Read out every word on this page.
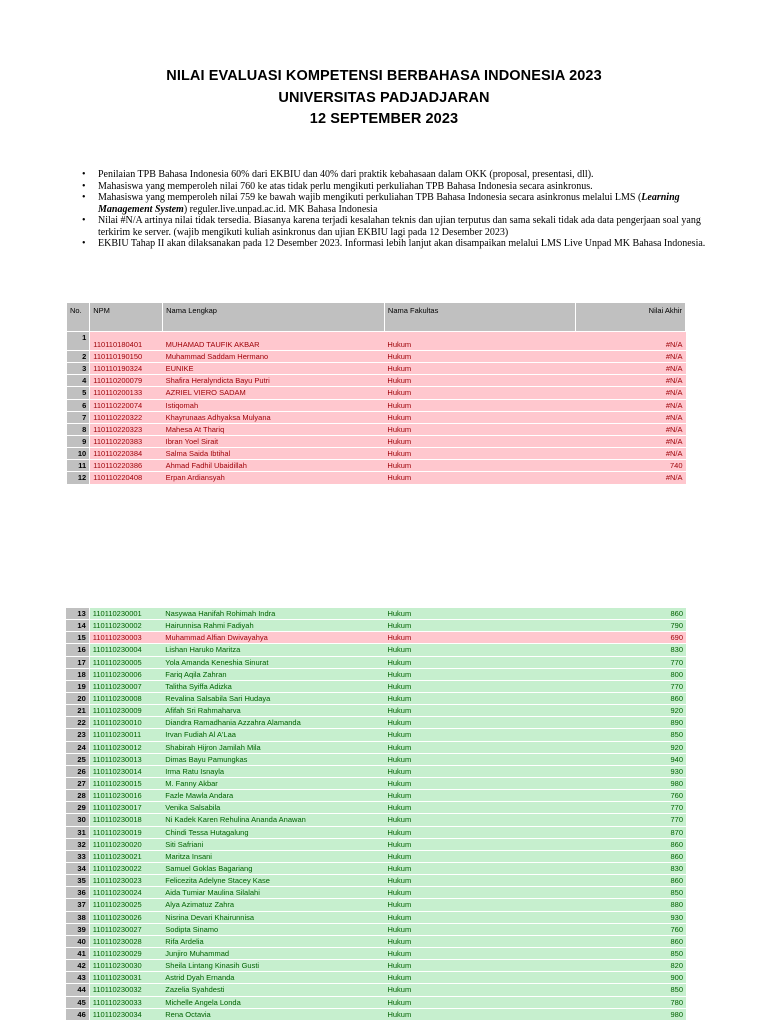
NILAI EVALUASI KOMPETENSI BERBAHASA INDONESIA 2023
UNIVERSITAS PADJADJARAN
12 SEPTEMBER 2023
• Penilaian TPB Bahasa Indonesia 60% dari EKBIU dan 40% dari praktik kebahasaan dalam OKK (proposal, presentasi, dll).
• Mahasiswa yang memperoleh nilai 760 ke atas tidak perlu mengikuti perkuliahan TPB Bahasa Indonesia secara asinkronus.
• Mahasiswa yang memperoleh nilai 759 ke bawah wajib mengikuti perkuliahan TPB Bahasa Indonesia secara asinkronus melalui LMS (Learning Management System) reguler.live.unpad.ac.id. MK Bahasa Indonesia
• Nilai #N/A artinya nilai tidak tersedia. Biasanya karena terjadi kesalahan teknis dan ujian terputus dan sama sekali tidak ada data pengerjaan soal yang terkirim ke server. (wajib mengikuti kuliah asinkronus dan ujian EKBIU lagi pada 12 Desember 2023)
• EKBIU Tahap II akan dilaksanakan pada 12 Desember 2023. Informasi lebih lanjut akan disampaikan melalui LMS Live Unpad MK Bahasa Indonesia.
No.	NPM	Nama Lengkap	Nama Fakultas	Nilai Akhir
1	110110180401	MUHAMAD TAUFIK AKBAR	Hukum	#N/A
2	110110190150	Muhammad Saddam Hermano	Hukum	#N/A
3	110110190324	EUNIKE	Hukum	#N/A
4	110110200079	Shafira Heralyndicta Bayu Putri	Hukum	#N/A
5	110110200133	AZRIEL VIERO SADAM	Hukum	#N/A
6	110110220074	Istiqomah	Hukum	#N/A
7	110110220322	Khayrunaas Adhyaksa Mulyana	Hukum	#N/A
8	110110220323	Mahesa At Thariq	Hukum	#N/A
9	110110220383	Ibran Yoel Sirait	Hukum	#N/A
10	110110220384	Salma Saida Ibtihal	Hukum	#N/A
11	110110220386	Ahmad Fadhil Ubaidillah	Hukum	740
12	110110220408	Erpan Ardiansyah	Hukum	#N/A
13	110110230001	Nasywaa Hanifah Rohimah Indra	Hukum	860
14	110110230002	Hairunnisa Rahmi Fadiyah	Hukum	790
15	110110230003	Muhammad Alfian Dwivayahya	Hukum	690
16	110110230004	Lishan Haruko Maritza	Hukum	830
17	110110230005	Yola Amanda Keneshia Sinurat	Hukum	770
18	110110230006	Fariq Aqila Zahran	Hukum	800
19	110110230007	Talitha Syiffa Adizka	Hukum	770
20	110110230008	Revalina Salsabila Sari Hudaya	Hukum	860
21	110110230009	Afifah Sri Rahmaharva	Hukum	920
22	110110230010	Diandra Ramadhania Azzahra Alamanda	Hukum	890
23	110110230011	Irvan Fudiah Al A'Laa	Hukum	850
24	110110230012	Shabirah Hijron Jamilah Mila	Hukum	920
25	110110230013	Dimas Bayu Pamungkas	Hukum	940
26	110110230014	Irma Ratu Isnayla	Hukum	930
27	110110230015	M. Fanny Akbar	Hukum	980
28	110110230016	Fazle Mawla Andara	Hukum	760
29	110110230017	Venika Salsabila	Hukum	770
30	110110230018	Ni Kadek Karen Rehulina Ananda Anawan	Hukum	770
31	110110230019	Chindi Tessa Hutagalung	Hukum	870
32	110110230020	Siti Safriani	Hukum	860
33	110110230021	Maritza Insani	Hukum	860
34	110110230022	Samuel Goklas Bagariang	Hukum	830
35	110110230023	Felicezita Adelyne Stacey Kase	Hukum	860
36	110110230024	Aida Tumiar Maulina Silalahi	Hukum	850
37	110110230025	Alya Azimatuz Zahra	Hukum	880
38	110110230026	Nisrina Devari Khairunnisa	Hukum	930
39	110110230027	Sodipta Sinamo	Hukum	760
40	110110230028	Rifa Ardelia	Hukum	860
41	110110230029	Junjiro Muhammad	Hukum	850
42	110110230030	Sheila Lintang Kinasih Gusti	Hukum	820
43	110110230031	Astrid Dyah Ernanda	Hukum	900
44	110110230032	Zazelia Syahdesti	Hukum	850
45	110110230033	Michelle Angela Londa	Hukum	780
46	110110230034	Rena Octavia	Hukum	980
